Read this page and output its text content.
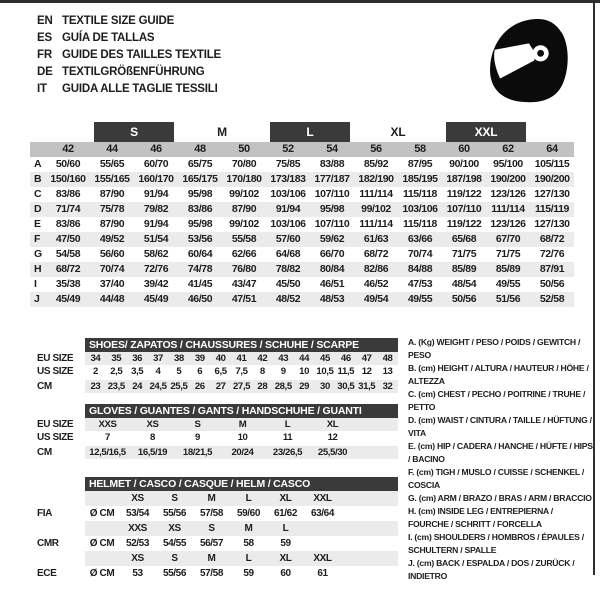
EN TEXTILE SIZE GUIDE
ES GUÍA DE TALLAS
FR GUIDE DES TAILLES TEXTILE
DE TEXTILGRÖßENFÜHRUNG
IT	GUIDA ALLE TAGLIE TESSILI
S	M	L	XL	XXL
42	44	46	48	50	52	54	56	58	60	62	64
A	50/60	55/65	60/70	65/75	70/80	75/85	83/88	85/92	87/95	90/100	95/100	105/115
B 150/160 155/165 160/170 165/175 170/180 173/183 177/187 182/190 185/195 187/198 190/200 190/200
C	83/86	87/90	91/94	95/98	99/102	103/106 107/110 111/114 115/118 119/122 123/126 127/130
D	71/74	75/78	79/82	83/86	87/90	91/94	95/98	99/102	103/106 107/110 111/114 115/119
E	83/86	87/90	91/94	95/98	99/102	103/106 107/110 111/114 115/118 119/122 123/126 127/130
F	47/50	49/52	51/54	53/56	55/58	57/60	59/62	61/63	63/66	65/68	67/70	68/72
G	54/58	56/60	58/62	60/64	62/66	64/68	66/70	68/72	70/74	71/75	71/75	72/76
H	68/72	70/74	72/76	74/78	76/80	78/82	80/84	82/86	84/88	85/89	85/89	87/91
I	35/38	37/40	39/42	41/45	43/47	45/50	46/51	46/52	47/53	48/54	49/55	50/56
J	45/49	44/48	45/49	46/50	47/51	48/52	48/53	49/54	49/55	50/56	51/56	52/58
SHOES/ ZAPATOS / CHAUSSURES / SCHUHE / SCARPE
EU SIZE	34	35	36	37	38	39	40	41	42	43	44	45	46	47	48
US SIZE	2	2,5 3,5	4	5	6	6,5 7,5	8	9	10 10,5 11,5 12	13
CM	23 23,5 24 24,5 25,5 26	27 27,5 28 28,5 29	30 30,5 31,5 32
GLOVES / GUANTES / GANTS / HANDSCHUHE / GUANTI
EU SIZE	XXS	XS	S	M	L	XL
US SIZE	7	8	9	10	11	12
CM	12,5/16,5	16,5/19	18/21,5	20/24	23/26,5	25,5/30
HELMET / CASCO / CASQUE / HELM / CASCO
XS	S	M	L	XL	XXL
FIA	Ø CM	53/54	55/56	57/58	59/60	61/62	63/64
XXS	XS	S	M	L
CMR	Ø CM	52/53	54/55	56/57	58	59
XS	S	M	L	XL	XXL
ECE	Ø CM	53	55/56	57/58	59	60	61
A. (Kg) WEIGHT / PESO / POIDS / GEWITCH / PESO
B. (cm) HEIGHT / ALTURA / HAUTEUR / HÖHE / ALTEZZA
C. (cm) CHEST / PECHO / POITRINE / TRUHE / PETTO
D. (cm) WAIST / CINTURA / TAILLE / HÜFTUNG / VITA
E. (cm) HIP / CADERA / HANCHE / HÜFTE / HIPS / BACINO
F. (cm) TIGH / MUSLO / CUISSE / SCHENKEL / COSCIA
G. (cm) ARM / BRAZO / BRAS / ARM / BRACCIO
H. (cm) INSIDE LEG / ENTREPIERNA / FOURCHE / SCHRITT / FORCELLA
I. (cm) SHOULDERS / HOMBROS / ÉPAULES / SCHULTERN / SPALLE
J. (cm) BACK / ESPALDA / DOS / ZURÜCK / INDIETRO
